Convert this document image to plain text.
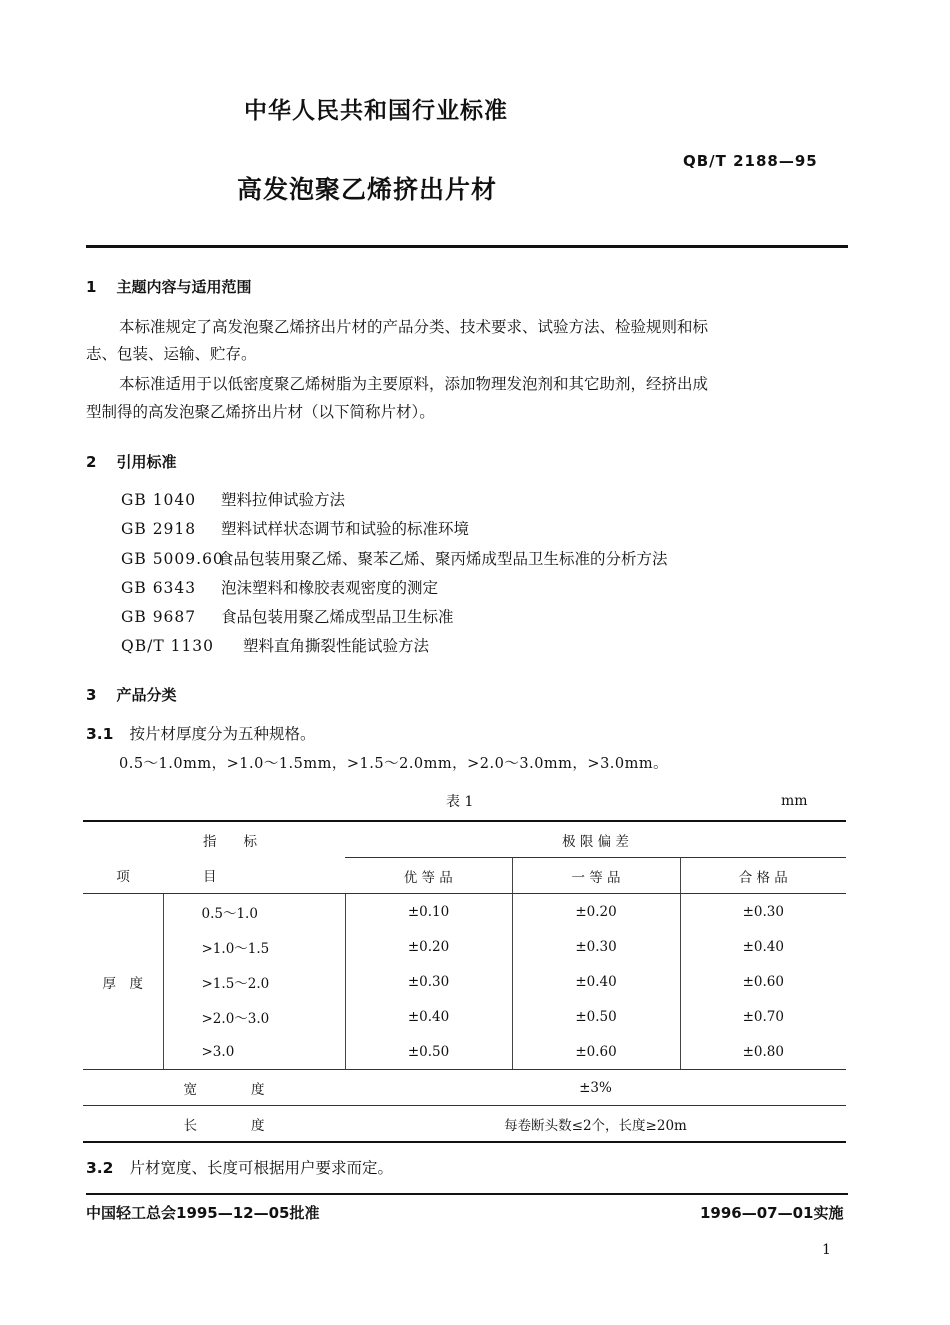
中华人民共和国行业标准
QB/T 2188—95
高发泡聚乙烯挤出片材
1 主题内容与适用范围
本标准规定了高发泡聚乙烯挤出片材的产品分类、技术要求、试验方法、检验规则和标
志、包装、运输、贮存。
本标准适用于以低密度聚乙烯树脂为主要原料，添加物理发泡剂和其它助剂，经挤出成
型制得的高发泡聚乙烯挤出片材（以下简称片材）。
2 引用标准
GB 1040 塑料拉伸试验方法
GB 2918 塑料试样状态调节和试验的标准环境
GB 5009.60食品包装用聚乙烯、聚苯乙烯、聚丙烯成型品卫生标准的分析方法
GB 6343 泡沫塑料和橡胶表观密度的测定
GB 9687 食品包装用聚乙烯成型品卫生标准
QB/T 1130 塑料直角撕裂性能试验方法
3 产品分类
3.1 按片材厚度分为五种规格。
0.5～1.0mm，>1.0～1.5mm，>1.5～2.0mm，>2.0～3.0mm，>3.0mm。
表 1	mm
	指　　标	极 限 偏 差		
项	目	优 等 品	一 等 品	合 格 品
厚　度	0.5～1.0	±0.10	±0.20	±0.30
	>1.0～1.5	±0.20	±0.30	±0.40
	>1.5～2.0	±0.30	±0.40	±0.60
	>2.0～3.0	±0.40	±0.50	±0.70
	>3.0	±0.50	±0.60	±0.80
宽　　　　度		±3%		
长　　　　度		每卷断头数≤2个，长度≥20m		
3.2 片材宽度、长度可根据用户要求而定。
中国轻工总会1995—12—05批准	1996—07—01实施
1
